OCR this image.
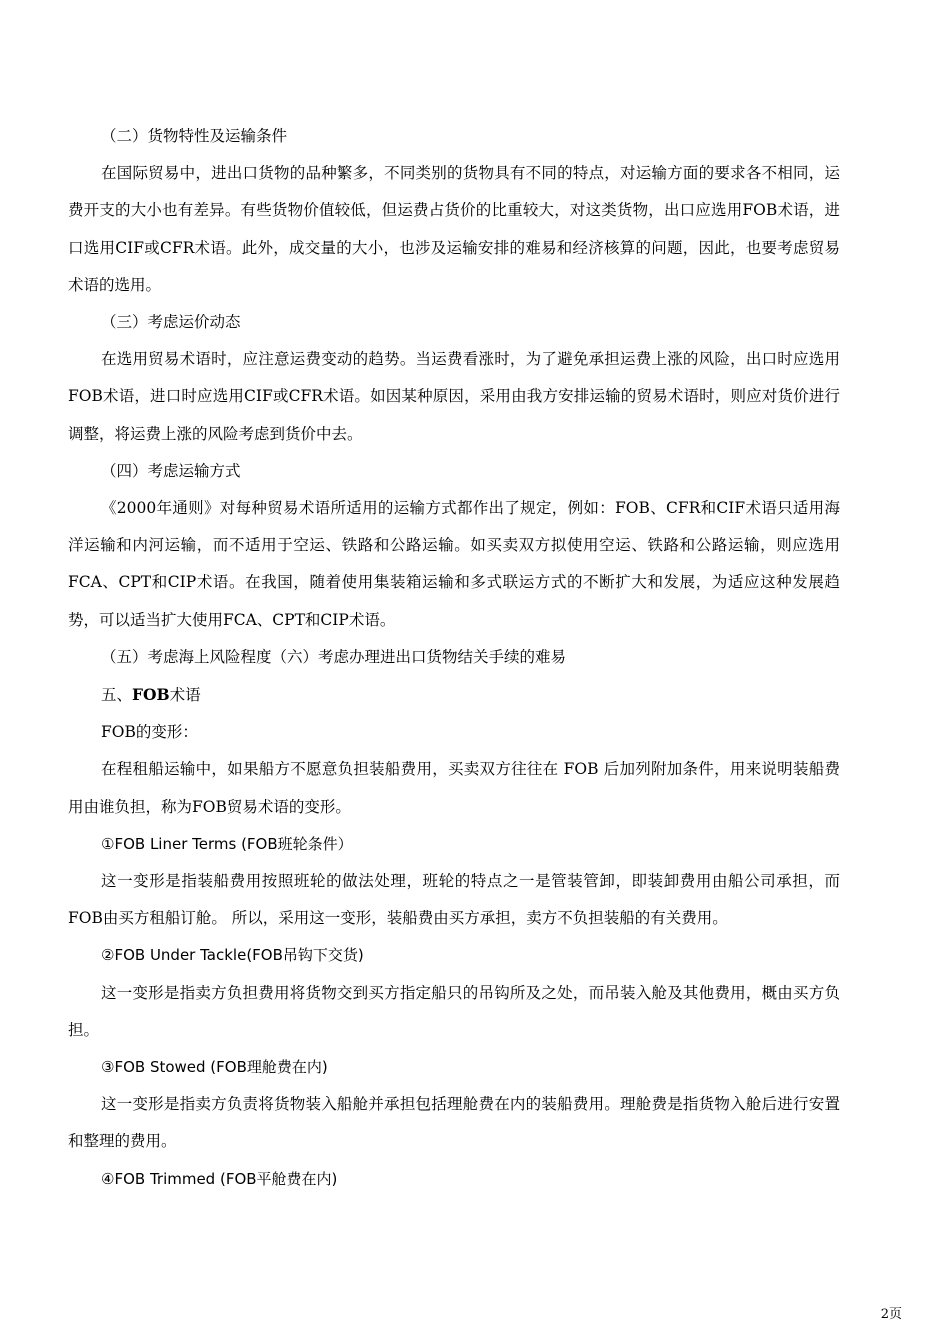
（二）货物特性及运输条件

在国际贸易中，进出口货物的品种繁多，不同类别的货物具有不同的特点，对运输方面的要求各不相同，运费开支的大小也有差异。有些货物价值较低，但运费占货价的比重较大，对这类货物，出口应选用FOB术语，进口选用CIF或CFR术语。此外，成交量的大小，也涉及运输安排的难易和经济核算的问题，因此，也要考虑贸易术语的选用。

（三）考虑运价动态

在选用贸易术语时，应注意运费变动的趋势。当运费看涨时，为了避免承担运费上涨的风险，出口时应选用FOB术语，进口时应选用CIF或CFR术语。如因某种原因，采用由我方安排运输的贸易术语时，则应对货价进行调整，将运费上涨的风险考虑到货价中去。

（四）考虑运输方式

《2000年通则》对每种贸易术语所适用的运输方式都作出了规定，例如：FOB、CFR和CIF术语只适用海洋运输和内河运输，而不适用于空运、铁路和公路运输。如买卖双方拟使用空运、铁路和公路运输，则应选用FCA、CPT和CIP术语。在我国，随着使用集装箱运输和多式联运方式的不断扩大和发展，为适应这种发展趋势，可以适当扩大使用FCA、CPT和CIP术语。

（五）考虑海上风险程度（六）考虑办理进出口货物结关手续的难易

五、FOB术语

FOB的变形：

在程租船运输中，如果船方不愿意负担装船费用，买卖双方往往在 FOB 后加列附加条件，用来说明装船费用由谁负担，称为FOB贸易术语的变形。

①FOB Liner Terms (FOB班轮条件）

这一变形是指装船费用按照班轮的做法处理，班轮的特点之一是管装管卸，即装卸费用由船公司承担，而FOB由买方租船订舱。 所以，采用这一变形，装船费由买方承担，卖方不负担装船的有关费用。

②FOB Under Tackle(FOB吊钩下交货)

这一变形是指卖方负担费用将货物交到买方指定船只的吊钩所及之处，而吊装入舱及其他费用，概由买方负担。

③FOB Stowed (FOB理舱费在内)

这一变形是指卖方负责将货物装入船舱并承担包括理舱费在内的装船费用。理舱费是指货物入舱后进行安置和整理的费用。

④FOB Trimmed (FOB平舱费在内)

2页
